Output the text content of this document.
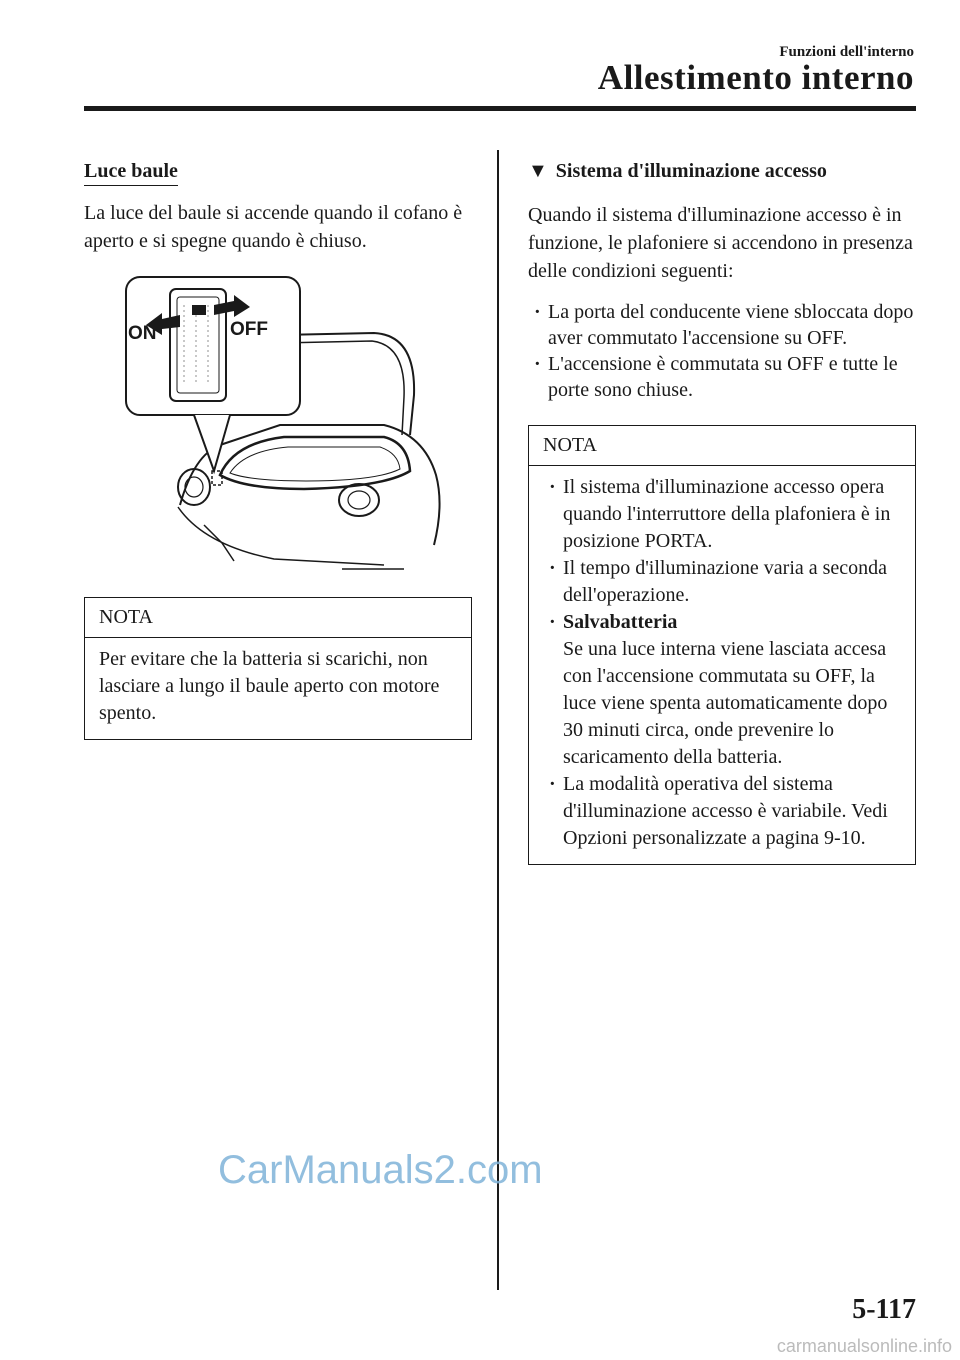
Funzioni dell'interno
Allestimento interno
Luce baule

La luce del baule si accende quando il cofano è aperto e si spegne quando è chiuso.

ON	OFF
NOTA
Per evitare che la batteria si scarichi, non lasciare a lungo il baule aperto con motore spento.
▼ Sistema d'illuminazione accesso

Quando il sistema d'illuminazione accesso è in funzione, le plafoniere si accendono in presenza delle condizioni seguenti:

· La porta del conducente viene sbloccata dopo aver commutato l'accensione su OFF.
· L'accensione è commutata su OFF e tutte le porte sono chiuse.
NOTA
· Il sistema d'illuminazione accesso opera quando l'interruttore della plafoniera è in posizione PORTA.
· Il tempo d'illuminazione varia a seconda dell'operazione.
· Salvabatteria
Se una luce interna viene lasciata accesa con l'accensione commutata su OFF, la luce viene spenta automaticamente dopo 30 minuti circa, onde prevenire lo scaricamento della batteria.
· La modalità operativa del sistema d'illuminazione accesso è variabile. Vedi Opzioni personalizzate a pagina 9-10.
CarManuals2.com
5-117
carmanualsonline.info
